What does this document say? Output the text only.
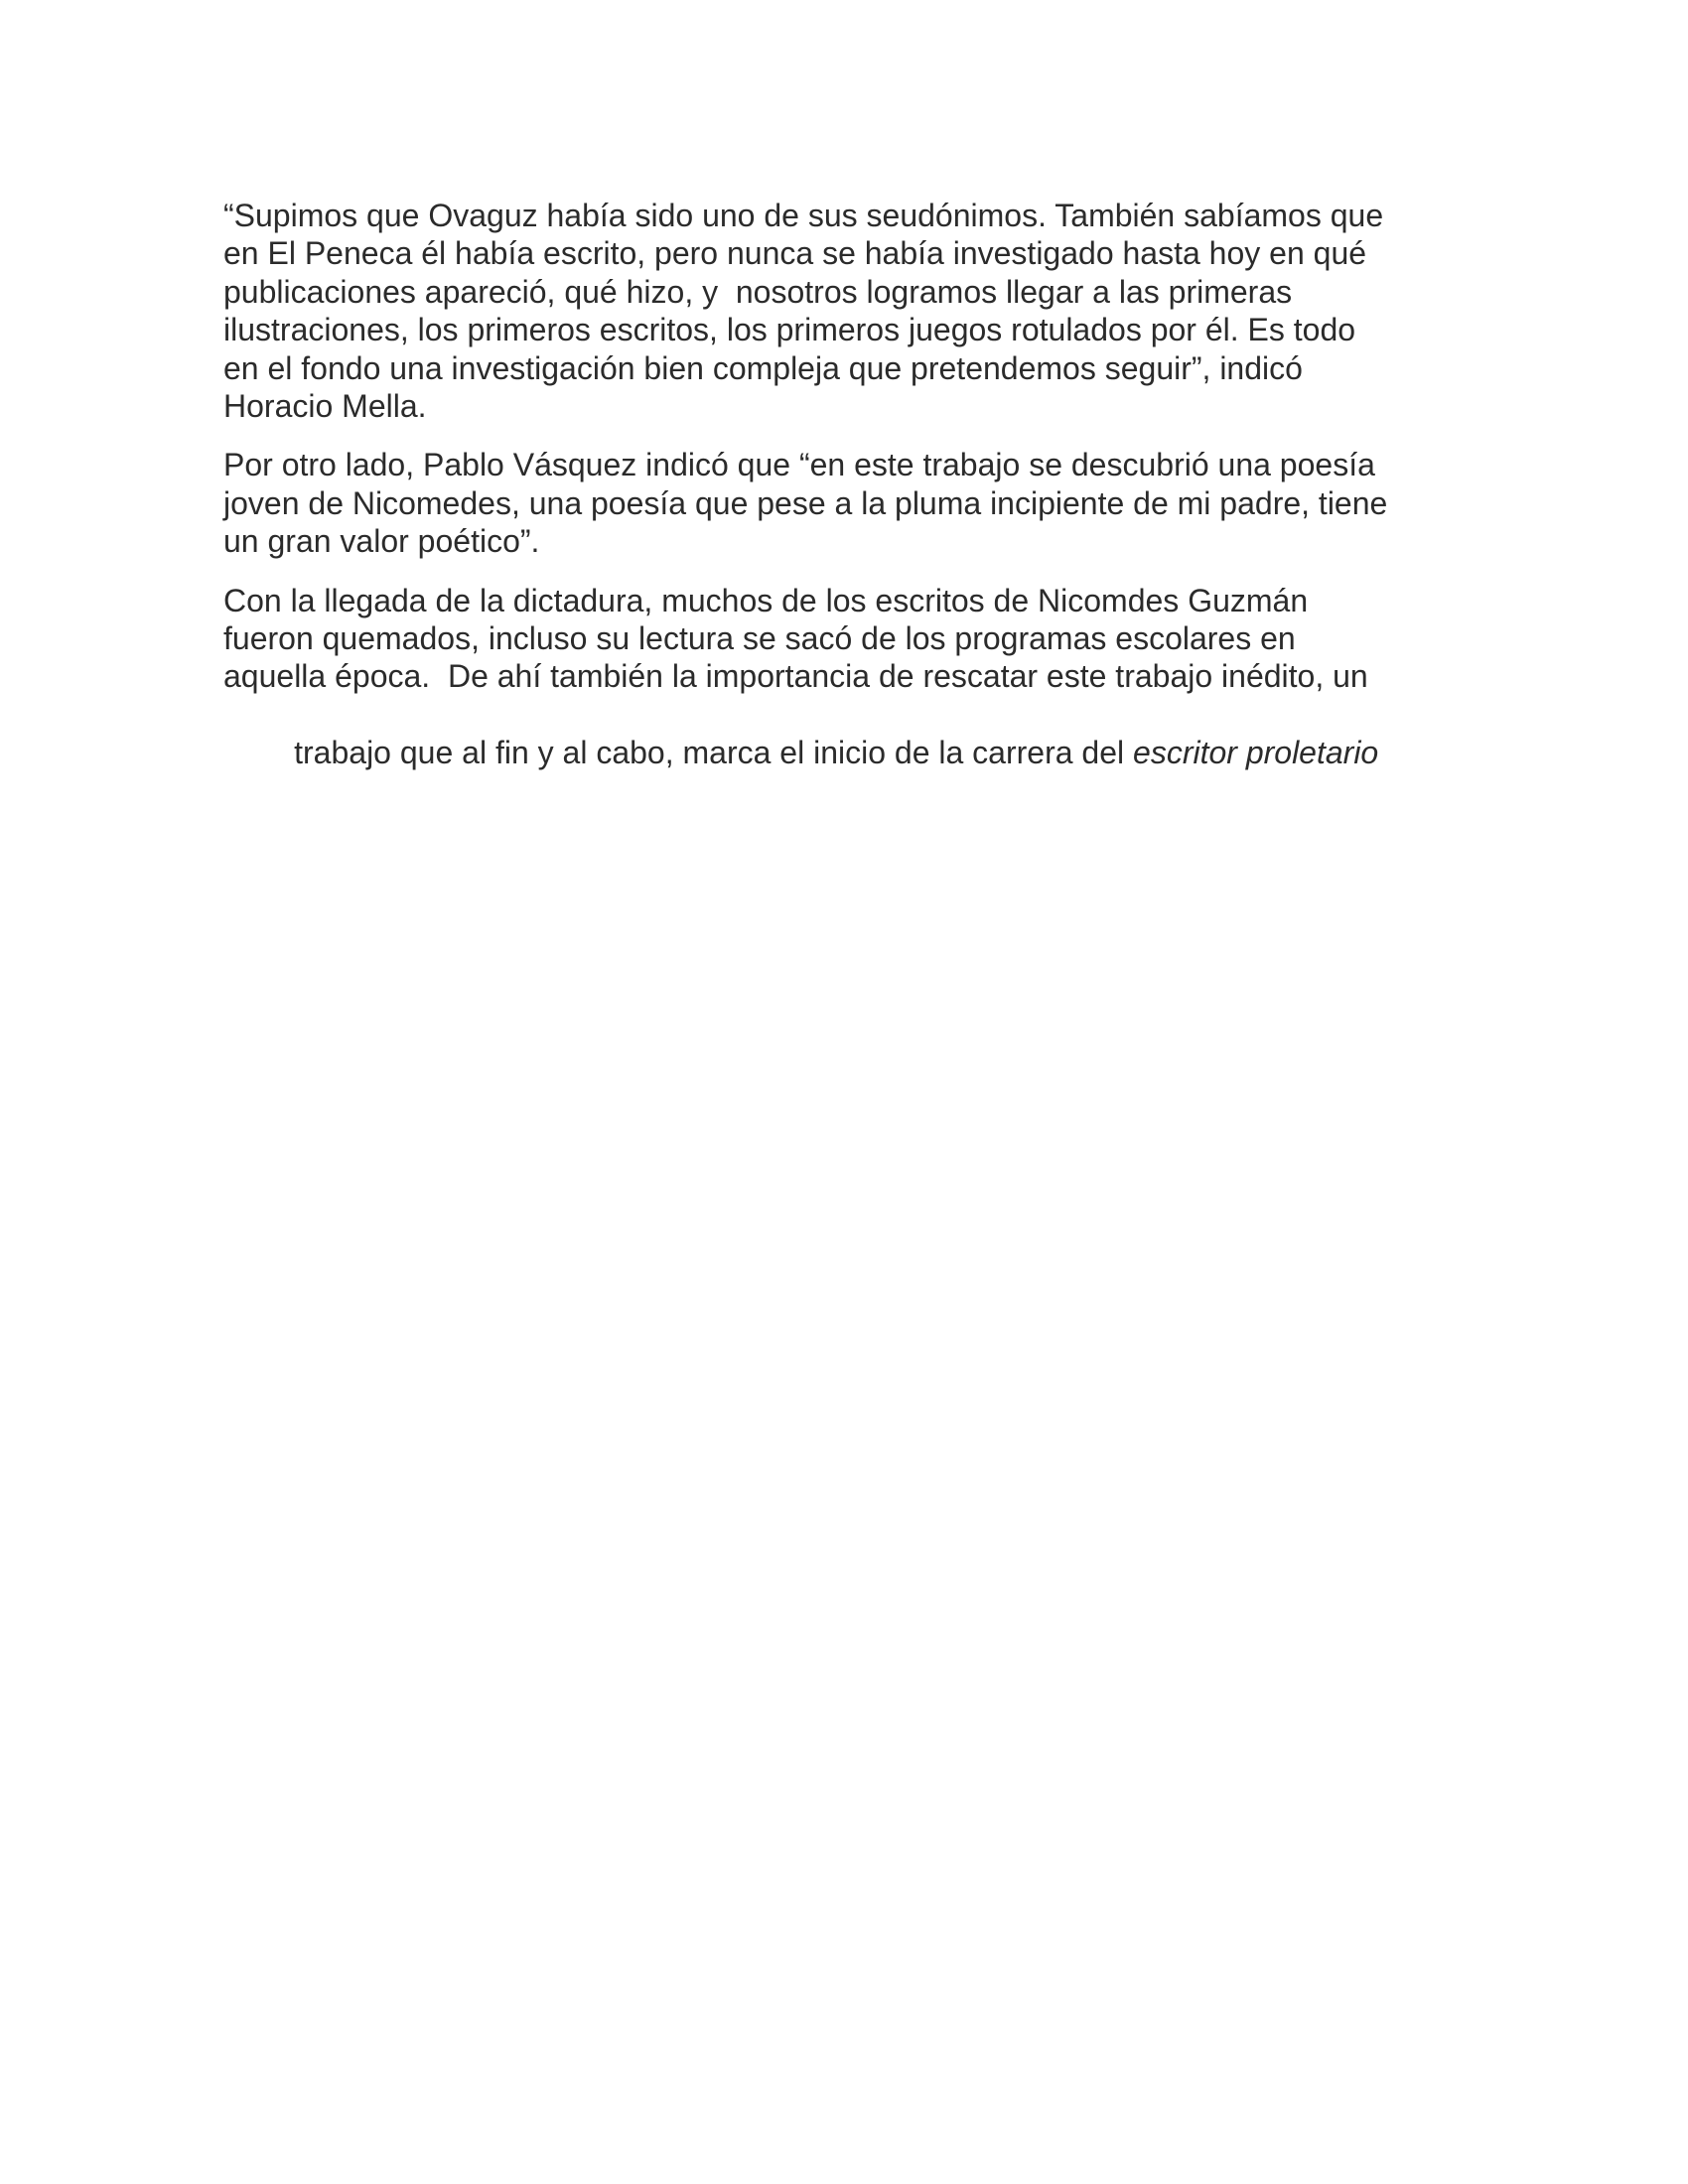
“Supimos que Ovaguz había sido uno de sus seudónimos. También sabíamos que
en El Peneca él había escrito, pero nunca se había investigado hasta hoy en qué
publicaciones apareció, qué hizo, y  nosotros logramos llegar a las primeras
ilustraciones, los primeros escritos, los primeros juegos rotulados por él. Es todo
en el fondo una investigación bien compleja que pretendemos seguir”, indicó
Horacio Mella.
Por otro lado, Pablo Vásquez indicó que “en este trabajo se descubrió una poesía
joven de Nicomedes, una poesía que pese a la pluma incipiente de mi padre, tiene
un gran valor poético”.
Con la llegada de la dictadura, muchos de los escritos de Nicomdes Guzmán
fueron quemados, incluso su lectura se sacó de los programas escolares en
aquella época.  De ahí también la importancia de rescatar este trabajo inédito, un

trabajo que al fin y al cabo, marca el inicio de la carrera del escritor proletario
